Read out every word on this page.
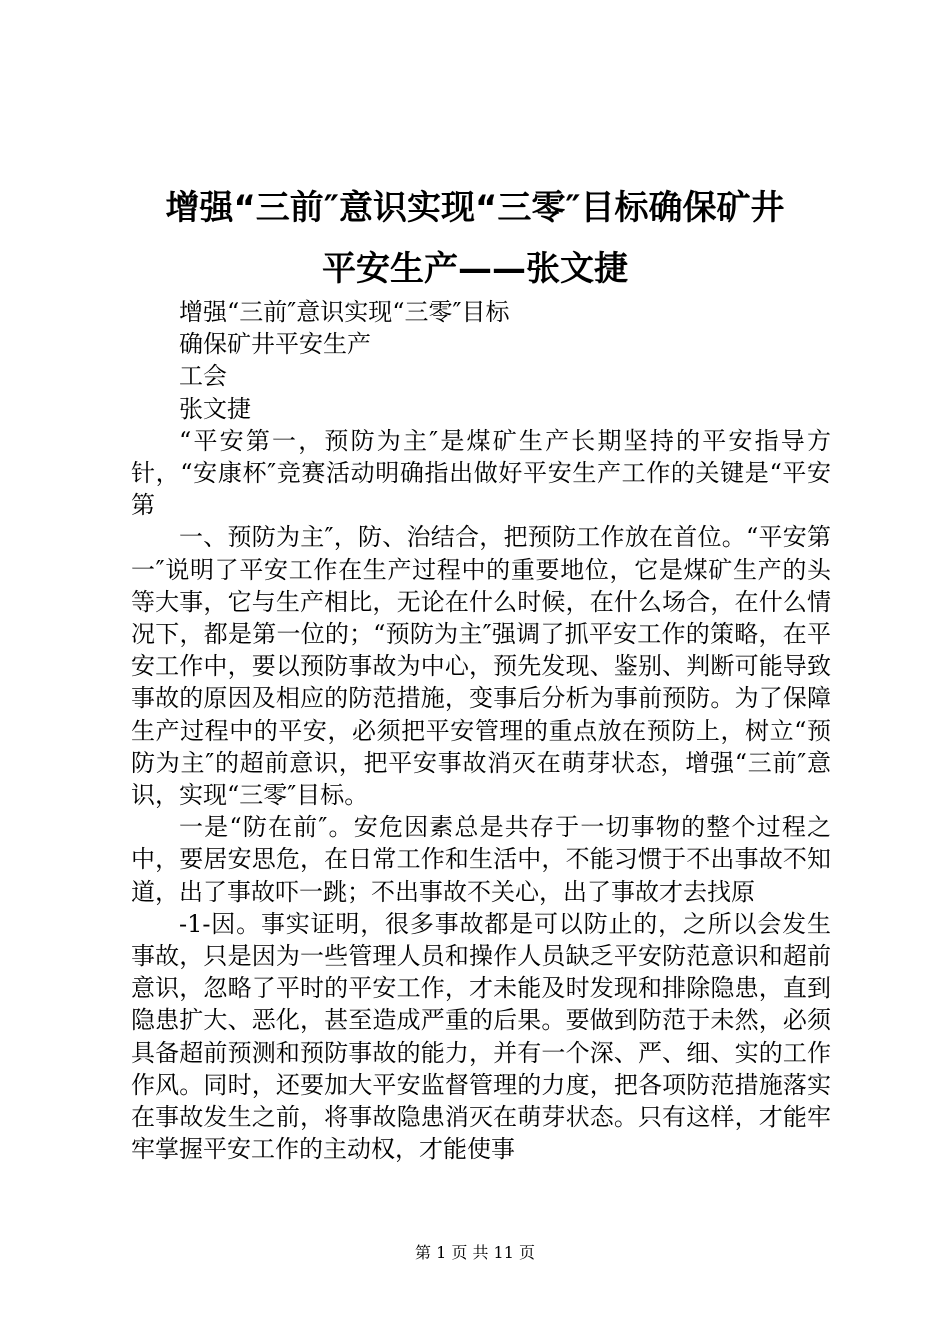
增强“三前″意识实现“三零″目标确保矿井
平安生产——张文捷

增强“三前″意识实现“三零″目标

确保矿井平安生产

工会

张文捷

“平安第一，预防为主″是煤矿生产长期坚持的平安指导方针，“安康杯″竞赛活动明确指出做好平安生产工作的关键是“平安第

一、预防为主″，防、治结合，把预防工作放在首位。“平安第一″说明了平安工作在生产过程中的重要地位，它是煤矿生产的头等大事，它与生产相比，无论在什么时候，在什么场合，在什么情况下，都是第一位的；“预防为主″强调了抓平安工作的策略，在平安工作中，要以预防事故为中心，预先发现、鉴别、判断可能导致事故的原因及相应的防范措施，变事后分析为事前预防。为了保障生产过程中的平安，必须把平安管理的重点放在预防上，树立“预防为主″的超前意识，把平安事故消灭在萌芽状态，增强“三前″意识，实现“三零″目标。

一是“防在前″。安危因素总是共存于一切事物的整个过程之中，要居安思危，在日常工作和生活中，不能习惯于不出事故不知道，出了事故吓一跳；不出事故不关心，出了事故才去找原

-1-因。事实证明，很多事故都是可以防止的，之所以会发生事故，只是因为一些管理人员和操作人员缺乏平安防范意识和超前意识，忽略了平时的平安工作，才未能及时发现和排除隐患，直到隐患扩大、恶化，甚至造成严重的后果。要做到防范于未然，必须具备超前预测和预防事故的能力，并有一个深、严、细、实的工作作风。同时，还要加大平安监督管理的力度，把各项防范措施落实在事故发生之前，将事故隐患消灭在萌芽状态。只有这样，才能牢牢掌握平安工作的主动权，才能使事

第 1 页 共 11 页
